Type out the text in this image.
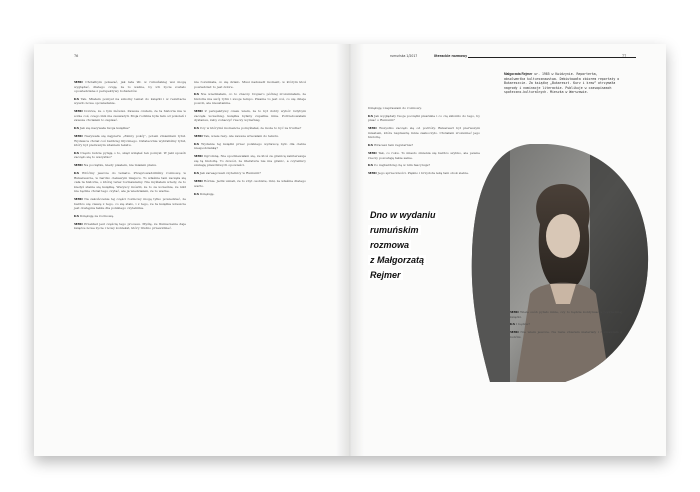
76

MRD Chciałbym pokazać, jak lata 90. w rumuńskiej wsi mogą wyglądać, dlatego czuję, że to ważne, by ich życie zostało opowiedziane z perspektywy bohaterów.

KS Tak. Miałem pomysł na szkolny temat do książki i w rezultacie wyszło nowe opowiadanie.

MRD Dobrze, że o tym mówisz. Zawsze czułem, że ta historia ma w sobie coś, czego inni nie zauważyli. Moja rodzina była tam od pokoleń i zawsze chciałem to zapisać.

KS Jak się nazywała twoja książka?

MRD Nazywała się najpierw „Zimny pokój”, potem zmieniłem tytuł. Wydawca chciał coś bardziej lirycznego. Ostatecznie wybraliśmy tytuł, który był pierwszym zdaniem tekstu.

KS Często ludzie pytają o to, skąd wziąłeś ten pomysł. W jaki sposób zaczęło się to wszystko?

MRD Na początku, kiedy pisałem, nie miałem planu.

KS Wróćmy jeszcze do tematu. Przeprowadziliśmy rozmowę w Bukareszcie, w bardzo ciekawym miejscu. To właśnie tam zaczęła się cała ta historia, o której teraz rozmawiamy. Nie myślałem wtedy, że to kiedyś stanie się książką. Wszyscy mówili, że to za wcześnie, że nikt nie będzie chciał tego czytać, ale ja wiedziałem, że to ważne.

MRD Na zakończenie tej części rozmowy mogę tylko powiedzieć, że bardzo się cieszę z tego, co się stało, i z tego, że ta książka wreszcie jest dostępna także dla polskiego czytelnika.

KS Dziękuję za rozmowę.

MRD Przekład jest częścią tego procesu. Myślę, że tłumaczenie daje książce nowe życie i nowy kontekst, który trudno przewidzieć.

nie rozumiała, co się działo. Musi nadszedł moment, w którym ktoś powiedział: to jest dobre.

KS Nie wiedziałam, co to znaczy. Dopiero później zrozumiałam, że historia ma swój rytm i swoje tempo. Pisanie to jest coś, co się dzieje powoli, ale nieustannie.

MRD Z perspektywy czasu wiem, że to był dobry wybór. Gdybym zaczęła wcześniej, książka byłaby zupełnie inna. Potrzebowałam dystansu, żeby zobaczyć rzeczy wyraźniej.

KS Czy w którymś momencie pomyślałaś, że może to być za trudne?

MRD Tak, wiele razy. Ale zawsze wracałam do tekstu.

KS Wydanie tej książki przez polskiego wydawcę było dla ciebie niespodzianką?

MRD Ogromną. Nie spodziewałam się, że ktoś za granicą zainteresuje się tą historią. To dowód, że literatura nie ma granic, a czytelnicy szukają prawdziwych opowieści.

KS Jak zareagowali czytelnicy w Rumunii?

MRD Różnie. Jedni uznali, że to zbyt osobiste, inni, że właśnie dlatego warto.

KS Dziękuję.

rumuńska 1/2017	literackie rozmowy	77
Małgorzata Rejmer ur. 1985 w Kwidzynie. Reporterka, absolwentka kulturoznawstwa. Debiutowała zbiorem reportaży o Bukareszcie. Za książkę „Bukareszt. Kurz i krew” otrzymała nagrody i nominacje literackie. Publikuje w czasopismach społeczno-kulturalnych. Mieszka w Warszawie.

Dziękuję i zapraszam do rozmowy.

KS Jak wyglądały twoje początki pisarskie i co cię skłoniło do tego, by pisać o Rumunii?

MRD Wszystko zaczęło się od podróży. Bukareszt był pierwszym miastem, które naprawdę mnie zaskoczyło. Chciałam zrozumieć jego historię.

KS Wracasz tam regularnie?

MRD Tak, co roku. To miasto zmienia się bardzo szybko, ale pewne rzeczy pozostają takie same.

KS Co najbardziej cię w nim fascynuje?

MRD Jego sprzeczności. Piękno i brzydota leżą tam obok siebie.

Dno w wydaniu
rumuńskim
rozmowa
z Małgorzatą
Rejmer

MRD Wiele osób pytało mnie, czy to będzie kontynuacja poprzedniej książki.

KS I będzie?

MRD Nie wiem jeszcze. Na razie zbieram materiały i rozmawiam z ludźmi.
